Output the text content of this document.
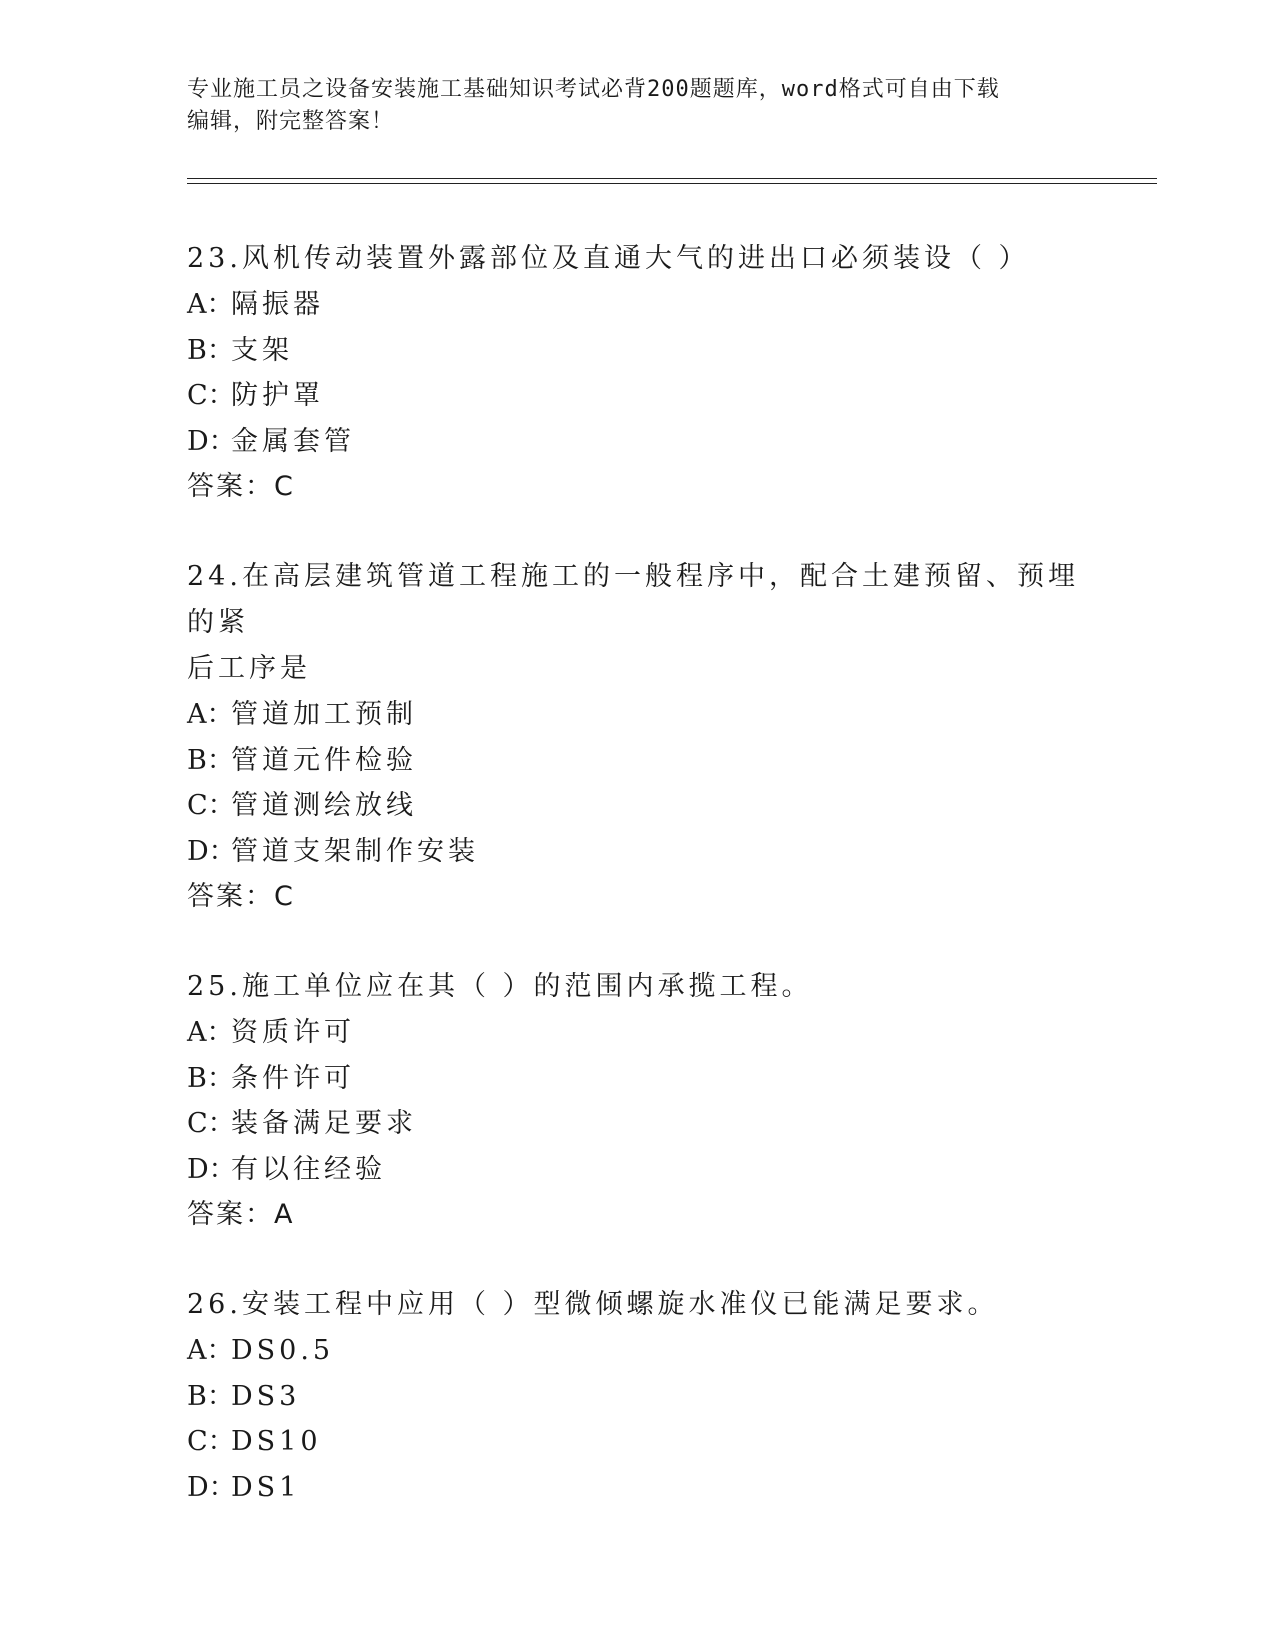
专业施工员之设备安装施工基础知识考试必背200题题库，word格式可自由下载
编辑，附完整答案！

23.风机传动装置外露部位及直通大气的进出口必须装设（ ）

A：隔振器

B：支架

C：防护罩

D：金属套管

答案：C

24.在高层建筑管道工程施工的一般程序中，配合土建预留、预埋的紧

后工序是

A：管道加工预制

B：管道元件检验

C：管道测绘放线

D：管道支架制作安装

答案：C

25.施工单位应在其（ ）的范围内承揽工程。

A：资质许可

B：条件许可

C：装备满足要求

D：有以往经验

答案：A

26.安装工程中应用（ ）型微倾螺旋水准仪已能满足要求。

A：DS0.5

B：DS3

C：DS10

D：DS1
